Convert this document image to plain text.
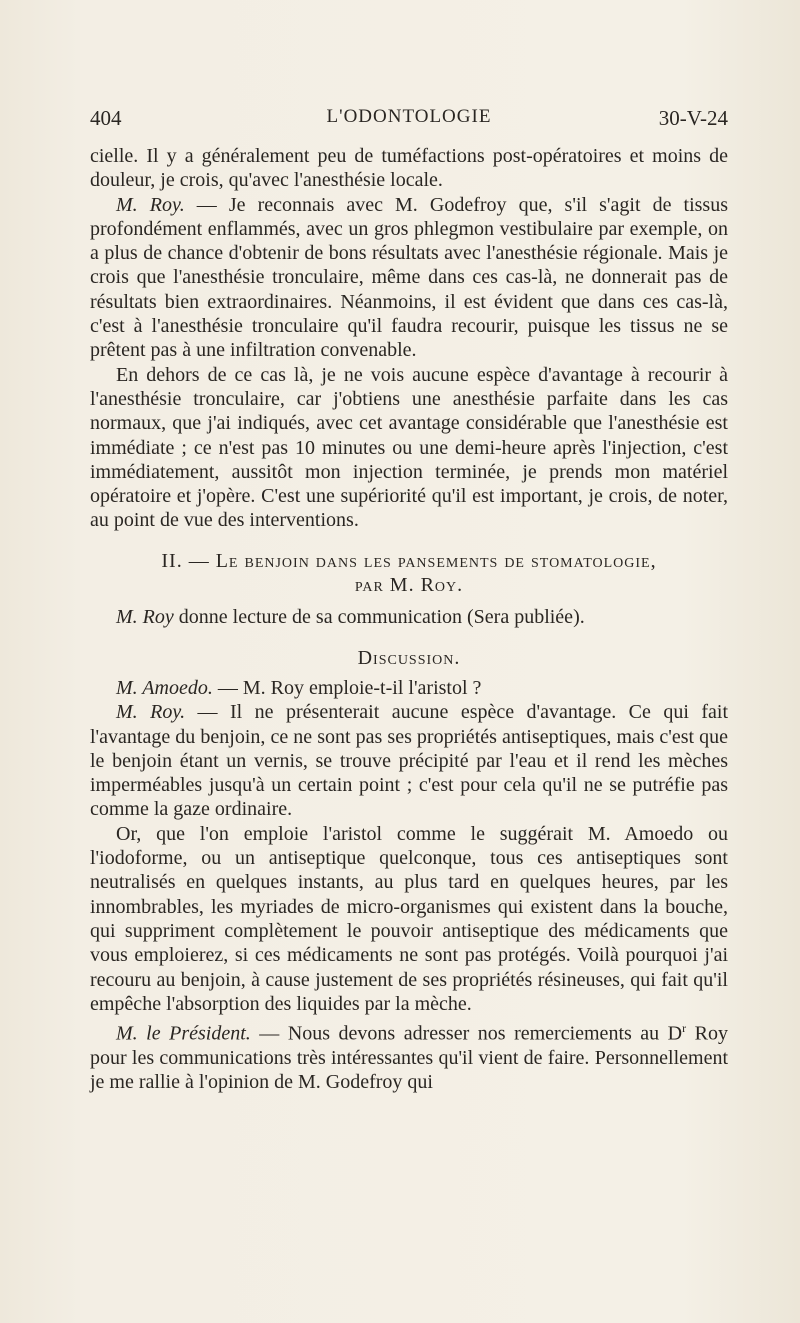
404	L'ODONTOLOGIE	30-V-24

cielle. Il y a généralement peu de tuméfactions post-opératoires et moins de douleur, je crois, qu'avec l'anesthésie locale.

M. Roy. — Je reconnais avec M. Godefroy que, s'il s'agit de tissus profondément enflammés, avec un gros phlegmon vestibulaire par exemple, on a plus de chance d'obtenir de bons résultats avec l'anesthésie régionale. Mais je crois que l'anesthésie tronculaire, même dans ces cas-là, ne donnerait pas de résultats bien extraordinaires. Néanmoins, il est évident que dans ces cas-là, c'est à l'anesthésie tronculaire qu'il faudra recourir, puisque les tissus ne se prêtent pas à une infiltration convenable.

En dehors de ce cas là, je ne vois aucune espèce d'avantage à recourir à l'anesthésie tronculaire, car j'obtiens une anesthésie parfaite dans les cas normaux, que j'ai indiqués, avec cet avantage considérable que l'anesthésie est immédiate ; ce n'est pas 10 minutes ou une demi-heure après l'injection, c'est immédiatement, aussitôt mon injection terminée, je prends mon matériel opératoire et j'opère. C'est une supériorité qu'il est important, je crois, de noter, au point de vue des interventions.

II. — Le benjoin dans les pansements de stomatologie,
par M. Roy.

M. Roy donne lecture de sa communication (Sera publiée).

Discussion.

M. Amoedo. — M. Roy emploie-t-il l'aristol ?

M. Roy. — Il ne présenterait aucune espèce d'avantage. Ce qui fait l'avantage du benjoin, ce ne sont pas ses propriétés antiseptiques, mais c'est que le benjoin étant un vernis, se trouve précipité par l'eau et il rend les mèches imperméables jusqu'à un certain point ; c'est pour cela qu'il ne se putréfie pas comme la gaze ordinaire.

Or, que l'on emploie l'aristol comme le suggérait M. Amoedo ou l'iodoforme, ou un antiseptique quelconque, tous ces antiseptiques sont neutralisés en quelques instants, au plus tard en quelques heures, par les innombrables, les myriades de micro-organismes qui existent dans la bouche, qui suppriment complètement le pouvoir antiseptique des médicaments que vous emploierez, si ces médicaments ne sont pas protégés. Voilà pourquoi j'ai recouru au benjoin, à cause justement de ses propriétés résineuses, qui fait qu'il empêche l'absorption des liquides par la mèche.

M. le Président. — Nous devons adresser nos remerciements au $D^r$ Roy pour les communications très intéressantes qu'il vient de faire. Personnellement je me rallie à l'opinion de M. Godefroy qui
